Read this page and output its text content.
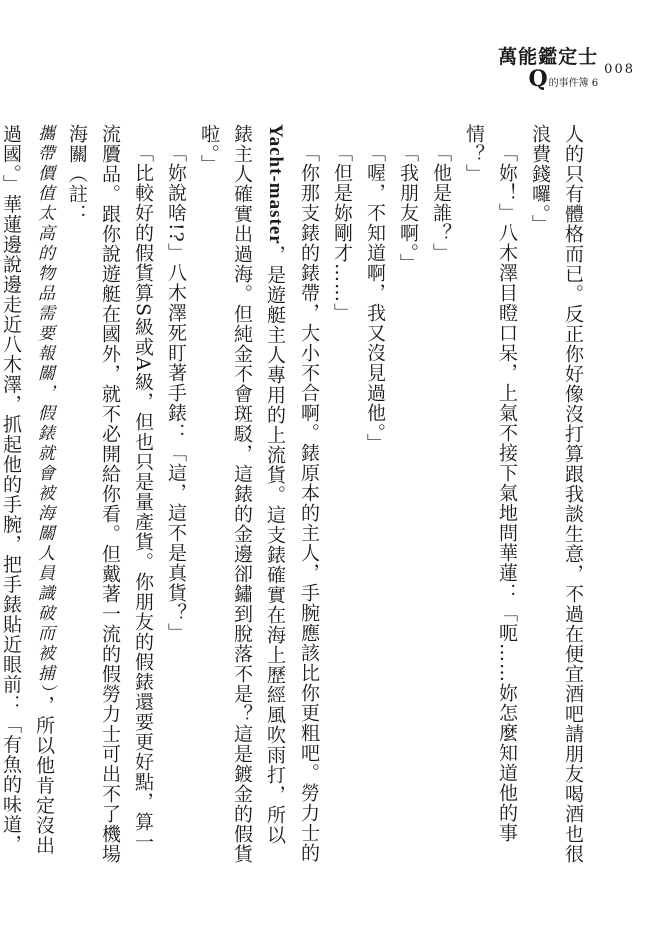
萬能鑑定士
Q 的事件簿 6
008

人的只有體格而已。反正你好像沒打算跟我談生意，不過在便宜酒吧請朋友喝酒也很浪費錢囉。」

「妳！」八木澤目瞪口呆，上氣不接下氣地問華蓮：「呃……妳怎麼知道他的事情？」

「他是誰？」

「我朋友啊。」

「喔，不知道啊，我又沒見過他。」

「但是妳剛才……」

「你那支錶的錶帶，大小不合啊。錶原本的主人，手腕應該比你更粗吧。勞力士的Yacht-master，是遊艇主人專用的上流貨。這支錶確實在海上歷經風吹雨打，所以錶主人確實出過海。但純金不會斑駁，這錶的金邊卻鏽到脫落不是？這是鍍金的假貨啦。」

「妳說啥!?」八木澤死盯著手錶：「這，這不是真貨？」

「比較好的假貨算S級或A級，但也只是量產貨。你朋友的假錶還要更好點，算一流贗品。跟你說遊艇在國外，就不必開給你看。但戴著一流的假勞力士可出不了機場海關（註：

攜帶價值太高的物品需要報關，假錶就會被海關人員識破而被捕），所以他肯定沒出過國。」華蓮邊說邊走近八木澤，抓起他的手腕，把手錶貼近眼前：「有魚的味道，
